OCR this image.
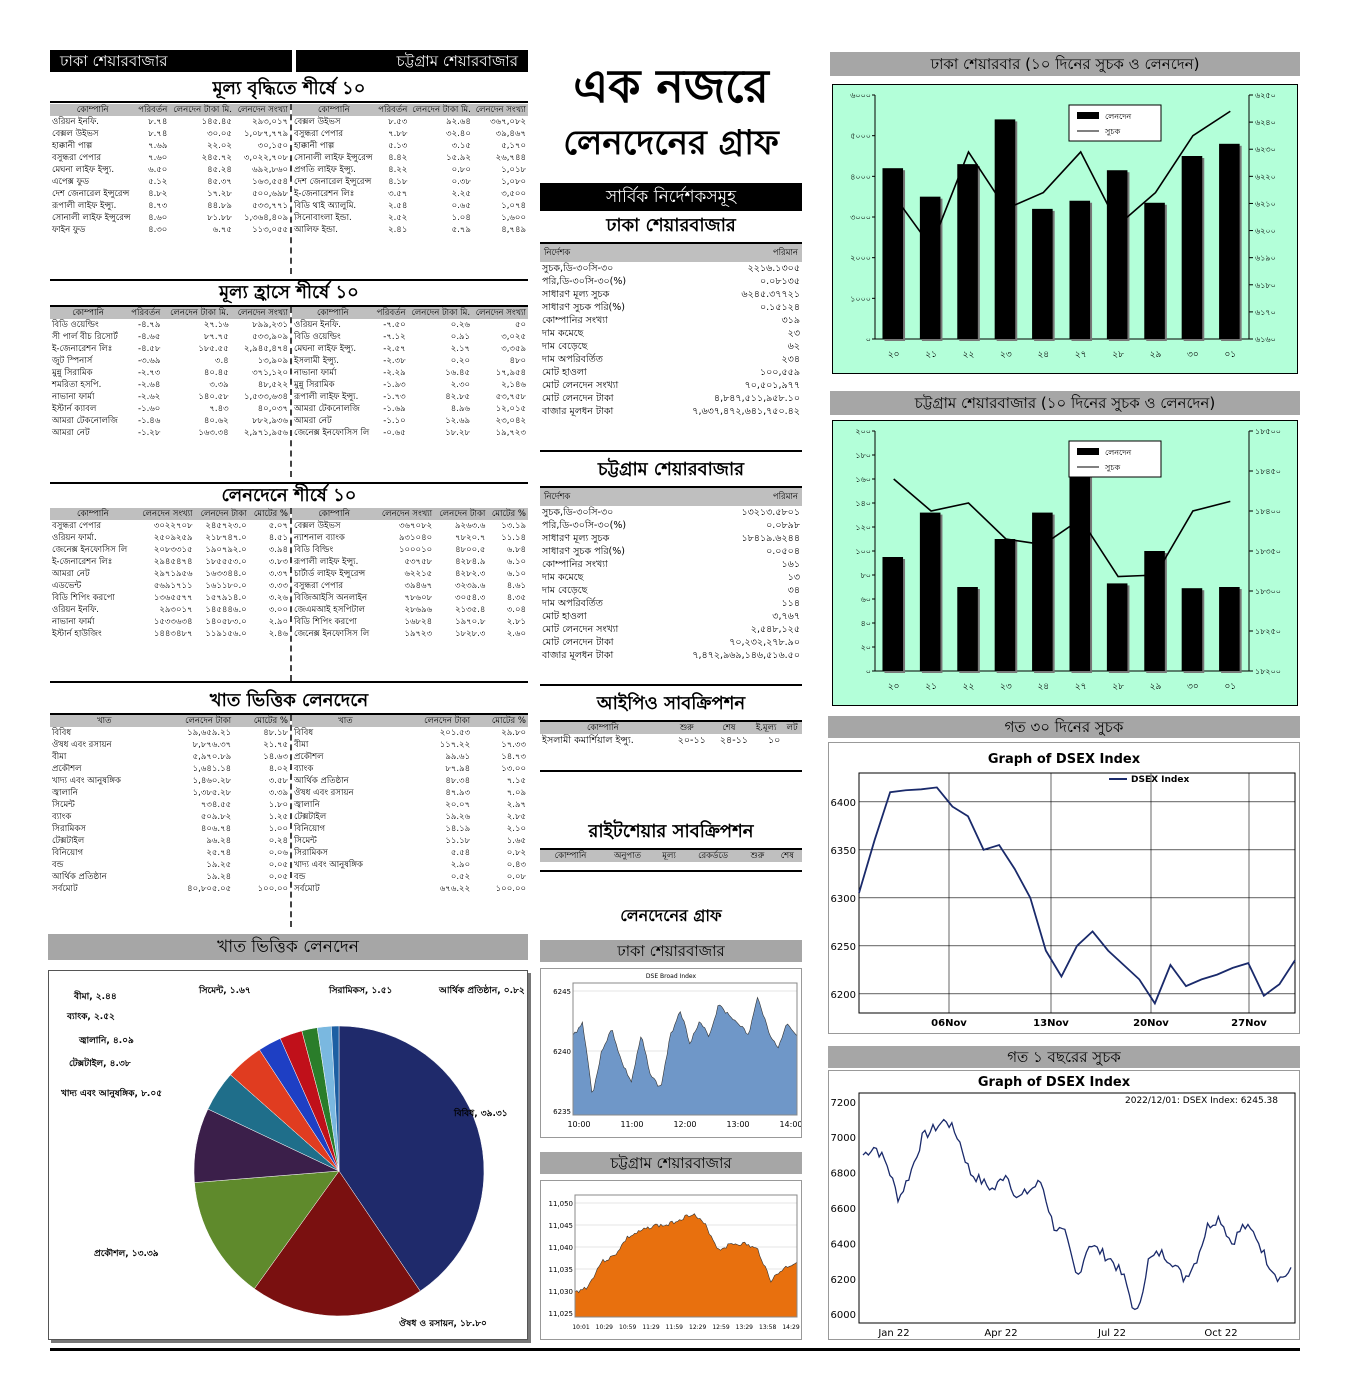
ঢাকা শেয়ারবাজার	চট্টগ্রাম শেয়ারবাজার
মূল্য বৃদ্ধিতে শীর্ষে ১০
কোম্পানি	পরিবর্তন	লেনদেন টাকা মি.	লেনদেন সংখ্যা
ওরিয়ন ইনফি.	৮.৭৪	১৪৫.৪৫	২৯৩,০১৭
বেক্সল উইভস	৮.৭৪	৩০.০৫	১,০৮৭,৭৭৯
হাক্কানী পাল্প	৭.৬৯	২২.০২	৩০,১৫০
বসুন্ধরা পেপার	৭.৬০	২৪৫.৭২	৩,০২২,৭০৮
মেঘনা লাইফ ইন্স্যু.	৬.৫০	৪৫.২৪	৬৯২,৮৬০
এপেক্স ফুড	৫.১২	৪৫.৩৭	১৬৩,৫৫৪
দেশ জেনারেল ইন্সুরেন্স	৪.৮২	১৭.২৮	৫০০,৬৯৮
রূপালী লাইফ ইন্স্যু.	৪.৭৩	৪৪.৮৯	৫৩৩,৭৭১
সোনালী লাইফ ইন্সুরেন্স	৪.৬০	৮১.৮৮	১,৩৬৪,৪০৯
ফাইন ফুড	৪.৩০	৬.৭৫	১১৩,০৫৫
কোম্পানি	পরিবর্তন	লেনদেন টাকা মি.	লেনদেন সংখ্যা
বেক্সল উইভস	৮.৫৩	৯২.৬৪	৩৬৭,০৮২
বসুন্ধরা পেপার	৭.৮৮	৩২.৪০	৩৯,৪৬৭
হাক্কানী পাল্প	৫.১৩	৩.১৫	৫,১৭০
সোনালী লাইফ ইন্সুরেন্স	৪.৪২	১৫.৯২	২৬,৭৪৪
প্রগতি লাইফ ইন্স্যু.	৪.২২	০.৮০	১,০১৮
দেশ জেনারেল ইন্সুরেন্স	৪.১৮	০.৩৮	১,০৮০
ই-জেনারেশন লিঃ	৩.৫৭	২.২৫	৩,৫০০
বিডি থাই অ্যালুমি.	২.৫৪	০.৬৫	১,০৭৪
সিনোবাংলা ইন্ডা.	২.৫২	১.০৪	১,৬০০
আলিফ ইন্ডা.	২.৪১	৫.৭৯	৪,৭৪৯
মূল্য হ্রাসে শীর্ষে ১০
কোম্পানি	পরিবর্তন	লেনদেন টাকা মি.	লেনদেন সংখ্যা
বিডি ওয়েল্ডিং	-৪.৭৯	২৭.১৬	৮৯৯,২৩১
সী পার্ল বীচ রিসোর্ট	-৪.৬৫	৮৭.৭৫	৫৩৩,৯০৯
ই-জেনারেশন লিঃ	-৪.৫৮	১৮৫.৫৫	২,৯৪৫,৪৭৪
জুট স্পিনার্স	-৩.৬৯	৩.৪	১৩,৯০৯
মুন্নু সিরামিক	-২.৭৩	৪০.৪৫	৩৭১,১২০
শমরিতা হসপি.	-২.৬৪	৩.৩৯	৪৮,৫২২
নাভানা ফার্মা	-২.৬২	১৪০.৫৮	১,৫৩৩,৬৩৪
ইস্টার্ন ক্যাবল	-১.৬০	৭.৪৩	৪০,০৩৭
আমরা টেকনোলজি	-১.৪৬	৪০.৬২	৮৮২,৯৩৬
আমরা নেট	-১.২৮	১৬৩.৩৪	২,৯৭১,৯৫৬
কোম্পানি	পরিবর্তন	লেনদেন টাকা মি.	লেনদেন সংখ্যা
ওরিয়ন ইনফি.	-৭.৫০	০.২৬	৫০
বিডি ওয়েল্ডিং	-৭.১২	০.৯১	৩,০২৫
মেঘনা লাইফ ইন্স্যু.	-২.৫৭	২.১৭	৩,৩৫৯
ইসলামী ইন্স্যু.	-২.৩৮	০.২০	৪৮০
নাভানা ফার্মা	-২.২৯	১৬.৪৫	১৭,৯৫৪
মুন্নু সিরামিক	-১.৯৩	২.৩০	২,১৪৬
রূপালী লাইফ ইন্স্যু.	-১.৭৩	৪২.৮৫	৫৩,৭৫৮
আমরা টেকনোলজি	-১.৬৯	৪.৯৬	১২,০১৫
আমরা নেট	-১.১০	১২.৬৯	২৩,০৪২
জেনেক্স ইনফোসিস লি	-০.৬৫	১৮.২৮	১৯,৭২৩
লেনদেনে শীর্ষে ১০
কোম্পানি	লেনদেন সংখ্যা	লেনদেন টাকা	মোটের %
বসুন্ধরা পেপার	৩০২২৭০৮	২৪৫৭২৩.০	৫.০৭
ওরিয়ন ফার্মা.	২৫০৯২৫৯	২১৮৭৪৭.০	৪.৫১
জেনেক্স ইনফোসিস লি	২০৮৩৩১৫	১৯০৭৯২.০	৩.৯৪
ই-জেনারেশন লিঃ	২৯৪৫৪৭৪	১৮৫৫৫৩.০	৩.৮৩
আমরা নেট	২৯৭১৯৫৬	১৬৩৩৪৪.০	৩.৩৭
এডভেন্ট	৫৬৯১৭১১	১৬১১৮০.০	৩.৩৩
বিডি শিপিং করপো	১৩৬৫৫৭৭	১৫৭৯১৪.০	৩.২৬
ওরিয়ন ইনফি.	২৯৩০১৭	১৪৫৪৪৬.০	৩.০০
নাভানা ফার্মা	১৫৩৩৬৩৪	১৪০৫৮৩.০	২.৯০
ইস্টার্ন হাউজিং	১৪৪৩৪৮৭	১১৯১৫৬.০	২.৪৬
কোম্পানি	লেনদেন সংখ্যা	লেনদেন টাকা	মোটের %
বেক্সল উইভস	৩৬৭০৮২	৯২৬৩.৬	১৩.১৯
ন্যাশনাল ব্যাংক	৯৩১০৪০	৭৮২০.৭	১১.১৪
বিডি বিল্ডিং	১০০০১০	৪৮০০.৫	৬.৮৪
রূপালী লাইফ ইন্স্যু.	৫৩৭৫৮	৪২৮৪.৯	৬.১০
চার্টার্ড লাইফ ইন্সুরেন্স	৬২২১৫	৪২৮২.৩	৬.১০
বসুন্ধরা পেপার	৩৯৪৬৭	৩২৩৯.৬	৪.৬১
বিজিআইসি অনলাইন	৭৮৬০৮	৩০৫৪.৩	৪.৩৫
জেএমআই হসপিটাল	২৮৬৯৬	২১৩৫.৪	৩.০৪
বিডি শিপিং করপো	১৬৮২৪	১৯৭০.৮	২.৮১
জেনেক্স ইনফোসিস লি	১৯৭২৩	১৮২৮.৩	২.৬০
খাত ভিত্তিক লেনদেনে
খাত	লেনদেন টাকা	মোটের %
বিবিধ	১৯,৬৫৯.২১	৪৮.১৮
ঔষধ এবং রসায়ন	৮,৮৭৬.৩৭	২১.৭৫
বীমা	৫,৯৭০.৮৯	১৪.৬৩
প্রকৌশল	১,৬৪১.১৪	৪.০২
খাদ্য এবং আনুষঙ্গিক	১,৪৬০.২৮	৩.৫৮
জ্বালানি	১,৩৮৫.২৮	৩.৩৯
সিমেন্ট	৭৩৪.৫৫	১.৮০
ব্যাংক	৫০৯.৮২	১.২৫
সিরামিকস	৪০৬.৭৪	১.০০
টেক্সটাইল	৯৬.২৪	০.২৪
বিনিয়োগ	২৫.৭৪	০.০৬
বন্ড	১৯.২৫	০.০৫
আর্থিক প্রতিষ্ঠান	১৯.২৪	০.০৫
সর্বমোট	৪০,৮০৫.০৫	১০০.০০
খাত	লেনদেন টাকা	মোটের %
বিবিধ	২০১.৫৩	২৯.৮০
বীমা	১১৭.২২	১৭.৩৩
প্রকৌশল	৯৯.৬১	১৪.৭৩
ব্যাংক	৮৭.৯৪	১৩.০০
আর্থিক প্রতিষ্ঠান	৪৮.৩৪	৭.১৫
ঔষধ এবং রসায়ন	৪৭.৯৩	৭.০৯
জ্বালানি	২০.০৭	২.৯৭
টেক্সটাইল	১৯.২৬	২.৮৫
বিনিয়োগ	১৪.১৯	২.১০
সিমেন্ট	১১.১৮	১.৬৫
সিরামিকস	৫.৫৪	০.৮২
খাদ্য এবং আনুষঙ্গিক	২.৯০	০.৪৩
বন্ড	০.৫২	০.০৮
সর্বমোট	৬৭৬.২২	১০০.০০
খাত ভিত্তিক লেনদেন
বিবিধ, ৩৯.৩১
ঔষধ ও রসায়ন, ১৮.৮০
প্রকৌশল, ১৩.৩৯
খাদ্য এবং আনুষঙ্গিক, ৮.০৫
টেক্সটাইল, ৪.৩৮
জ্বালানি, ৪.০৯
ব্যাংক, ২.৫২
বীমা, ২.৪৪
সিমেন্ট, ১.৬৭	সিরামিকস, ১.৫১	আর্থিক প্রতিষ্ঠান, ০.৮২
এক নজরে
লেনদেনের গ্রাফ
সার্বিক নির্দেশকসমূহ
ঢাকা শেয়ারবাজার
নির্দেশক	পরিমান
সুচক,ডি-৩০সি-৩০	২২১৬.১৩০৫
পরি,ডি-৩০সি-৩০(%)	০.০৮১৩৫
সাধারণ মূল্য সুচক	৬২৪৫.৩৭৭২১
সাধারণ সুচক পরি(%)	০.১৫১২৪
কোম্পানির সংখ্যা	৩১৯
দাম কমেছে	২৩
দাম বেড়েছে	৬২
দাম অপরিবর্তিত	২৩৪
মোট হাওলা	১০০,৫৫৯
মোট লেনদেন সংখ্যা	৭০,৫০১,৯৭৭
মোট লেনদেন টাকা	৪,৮৪৭,৫১১,৯৫৮.১০
বাজার মূলধন টাকা	৭,৬৩৭,৪৭২,৬৪১,৭৫০.৪২
চট্টগ্রাম শেয়ারবাজার
নির্দেশক	পরিমান
সুচক,ডি-৩০সি-৩০	১৩২১৩.৫৮০১
পরি,ডি-৩০সি-৩০(%)	০.০৮৯৮
সাধারণ মূল্য সুচক	১৮৪১৯.৬২৪৪
সাধারণ সুচক পরি(%)	০.০৫০৪
কোম্পানির সংখ্যা	১৬১
দাম কমেছে	১৩
দাম বেড়েছে	৩৪
দাম অপরিবর্তিত	১১৪
মোট হাওলা	৩,৭৬৭
মোট লেনদেন সংখ্যা	২,৫৪৮,১২৫
মোট লেনদেন টাকা	৭০,২৩২,২৭৮.৯০
বাজার মূলধন টাকা	৭,৪৭২,৯৬৯,১৪৬,৫১৬.৫০
আইপিও সাবক্রিপশন
কোম্পানি	শুরু	শেষ	ই.মূল্য	লট
ইসলামী কমার্শিয়াল ইন্স্যু.	২০-১১	২৪-১১	১০	
রাইটশেয়ার সাবক্রিপশন
কোম্পানি	অনুপাত	মূল্য	রেকর্ডডে	শুরু	শেষ
লেনদেনের গ্রাফ
ঢাকা শেয়ারবাজার
DSE Broad Index
6245
6240
6235
10:00	11:00	12:00	13:00	14:00
চট্টগ্রাম শেয়ারবাজার
11,050
11,045
11,040
11,035
11,030
11,025
10:01 10:29 10:59 11:29 11:59 12:29 12:59 13:29 13:58 14:29
ঢাকা শেয়ারবার (১০ দিনের সুচক ও লেনদেন)
০
১০০০
২০০০
৩০০০
৪০০০
৫০০০
৬০০০
৬১৬০
৬১৭০
৬১৮০
৬১৯০
৬২০০
৬২১০
৬২২০
৬২৩০
৬২৪০
৬২৫০
২০	২১	২২	২৩	২৪	২৭	২৮	২৯	৩০	০১
লেনদেন
সুচক
চট্টগ্রাম শেয়ারবাজার (১০ দিনের সুচক ও লেনদেন)
০
২০
৪০
৬০
৮০
১০০
১২০
১৪০
১৬০
১৮০
২০০
১৮২০০
১৮২৫০
১৮৩০০
১৮৩৫০
১৮৪০০
১৮৪৫০
১৮৫০০
২০	২১	২২	২৩	২৪	২৭	২৮	২৯	৩০	০১
লেনদেন
সুচক
গত ৩০ দিনের সুচক
Graph of DSEX Index
DSEX Index
6200
6250
6300
6350
6400
06Nov	13Nov	20Nov	27Nov
গত ১ বছরের সুচক
Graph of DSEX Index
2022/12/01: DSEX Index: 6245.38
6000
6200
6400
6600
6800
7000
7200
Jan 22	Apr 22	Jul 22	Oct 22
